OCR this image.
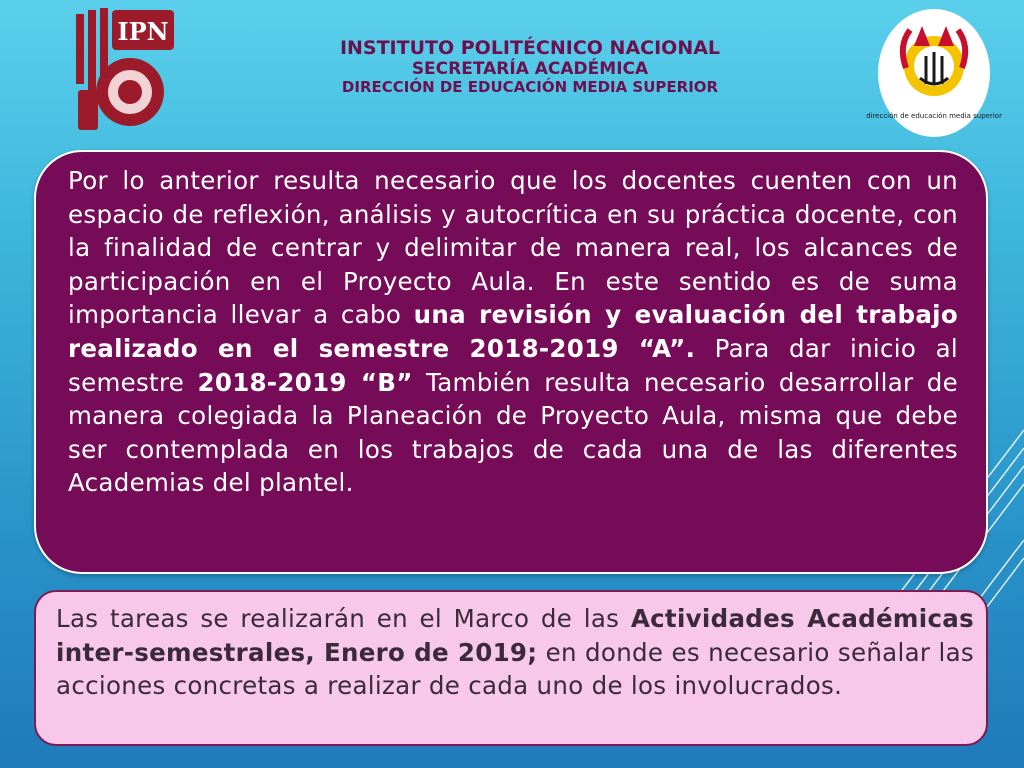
IPN
dirección de educación media superior
INSTITUTO POLITÉCNICO NACIONAL
SECRETARÍA ACADÉMICA
DIRECCIÓN DE EDUCACIÓN MEDIA SUPERIOR

Por lo anterior resulta necesario que los docentes cuenten con un espacio de reflexión, análisis y autocrítica en su práctica docente, con la finalidad de centrar y delimitar de manera real, los alcances de participación en el Proyecto Aula. En este sentido es de suma importancia llevar a cabo una revisión y evaluación del trabajo realizado en el semestre 2018-2019 “A”. Para dar inicio al semestre 2018-2019 “B” También resulta necesario desarrollar de manera colegiada la Planeación de Proyecto Aula, misma que debe ser contemplada en los trabajos de cada una de las diferentes Academias del plantel.

Las tareas se realizarán en el Marco de las Actividades Académicas inter-semestrales, Enero de 2019; en donde es necesario señalar las acciones concretas a realizar de cada uno de los involucrados.
